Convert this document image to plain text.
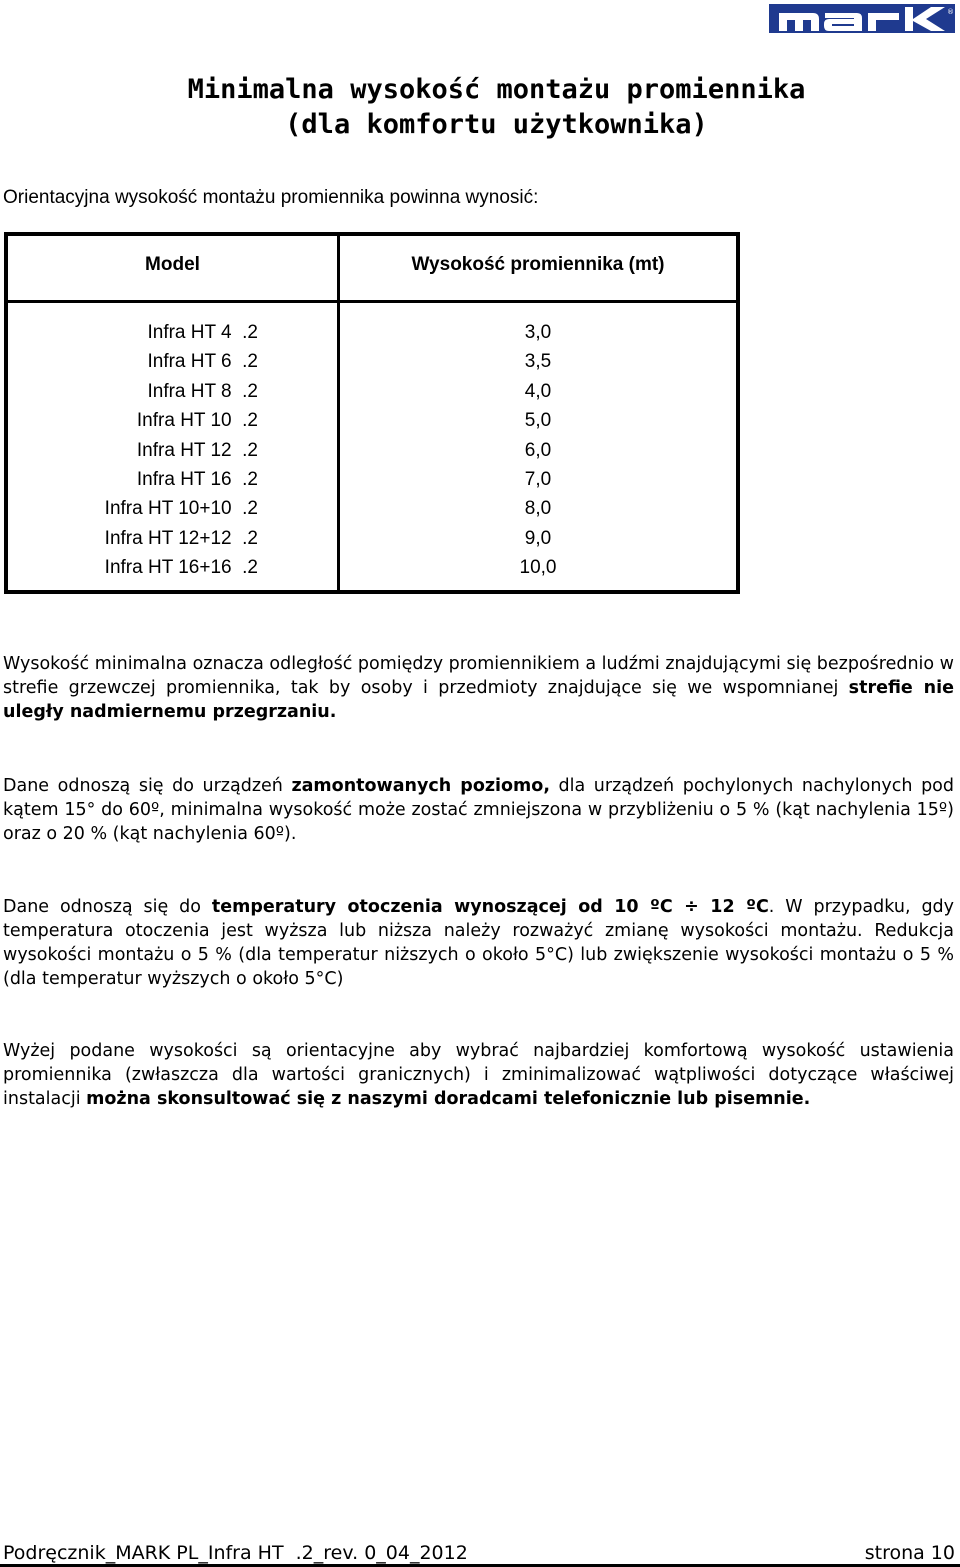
®
Minimalna wysokość montażu promiennika
(dla komfortu użytkownika)
Orientacyjna wysokość montażu promiennika powinna wynosić:
Model	Wysokość promiennika (mt)
Infra HT 4  .2
Infra HT 6  .2
Infra HT 8  .2
Infra HT 10  .2
Infra HT 12  .2
Infra HT 16  .2
Infra HT 10+10  .2
Infra HT 12+12  .2
Infra HT 16+16  .2
3,0
3,5
4,0
5,0
6,0
7,0
8,0
9,0
10,0
Wysokość minimalna oznacza odległość pomiędzy promiennikiem a ludźmi znajdującymi się bezpośrednio w strefie grzewczej promiennika, tak by osoby i przedmioty znajdujące się we wspomnianej strefie nie uległy nadmiernemu przegrzaniu.
Dane odnoszą się do urządzeń zamontowanych poziomo, dla urządzeń pochylonych nachylonych pod kątem 15° do 60º, minimalna wysokość może zostać zmniejszona w przybliżeniu o 5 % (kąt nachylenia 15º) oraz o 20 % (kąt nachylenia 60º).
Dane odnoszą się do temperatury otoczenia wynoszącej od 10 ºC ÷ 12 ºC. W przypadku, gdy temperatura otoczenia jest wyższa lub niższa należy rozważyć zmianę wysokości montażu. Redukcja wysokości montażu o 5 % (dla temperatur niższych o około 5°C) lub zwiększenie wysokości montażu o 5 % (dla temperatur wyższych o około 5°C)
Wyżej podane wysokości są orientacyjne aby wybrać najbardziej komfortową wysokość ustawienia promiennika (zwłaszcza dla wartości granicznych) i zminimalizować wątpliwości dotyczące właściwej instalacji można skonsultować się z naszymi doradcami telefonicznie lub pisemnie.
Podręcznik_MARK PL_Infra HT  .2_rev. 0_04_2012	strona 10
